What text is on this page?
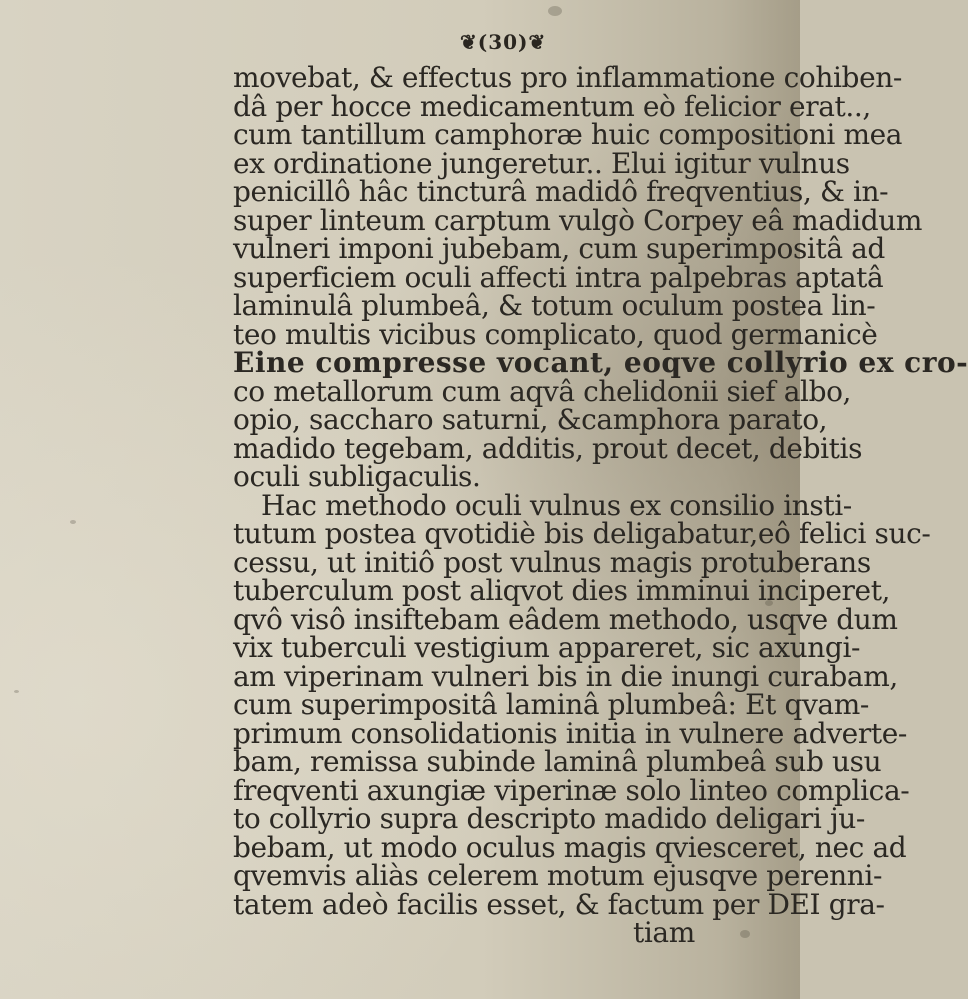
❦(30)❦
movebat, & effectus pro inflammatione cohiben-
dâ per hocce medicamentum eò felicior erat..,
cum tantillum camphoræ huic compositioni mea
ex ordinatione jungeretur.. Elui igitur vulnus
penicillô hâc tincturâ madidô freqventius, & in-
super linteum carptum vulgò Corpey eâ madidum
vulneri imponi jubebam, cum superimpositâ ad
superficiem oculi affecti intra palpebras aptatâ
laminulâ plumbeâ, & totum oculum postea lin-
teo multis vicibus complicato, quod germanicè
Eine compresse vocant, eoqve collyrio ex cro-
co metallorum cum aqvâ chelidonii sief albo,
opio, saccharo saturni, &camphora parato,
madido tegebam, additis, prout decet, debitis
oculi subligaculis.
Hac methodo oculi vulnus ex consilio insti-
tutum postea qvotidiè bis deligabatur,eô felici suc-
cessu, ut initiô post vulnus magis protuberans
tuberculum post aliqvot dies imminui inciperet,
qvô visô insiftebam eâdem methodo, usqve dum
vix tuberculi vestigium appareret, sic axungi-
am viperinam vulneri bis in die inungi curabam,
cum superimpositâ laminâ plumbeâ: Et qvam-
primum consolidationis initia in vulnere adverte-
bam, remissa subinde laminâ plumbeâ sub usu
freqventi axungiæ viperinæ solo linteo complica-
to collyrio supra descripto madido deligari ju-
bebam, ut modo oculus magis qviesceret, nec ad
qvemvis aliàs celerem motum ejusqve perenni-
tatem adeò facilis esset, & factum per DEI gra-
tiam
